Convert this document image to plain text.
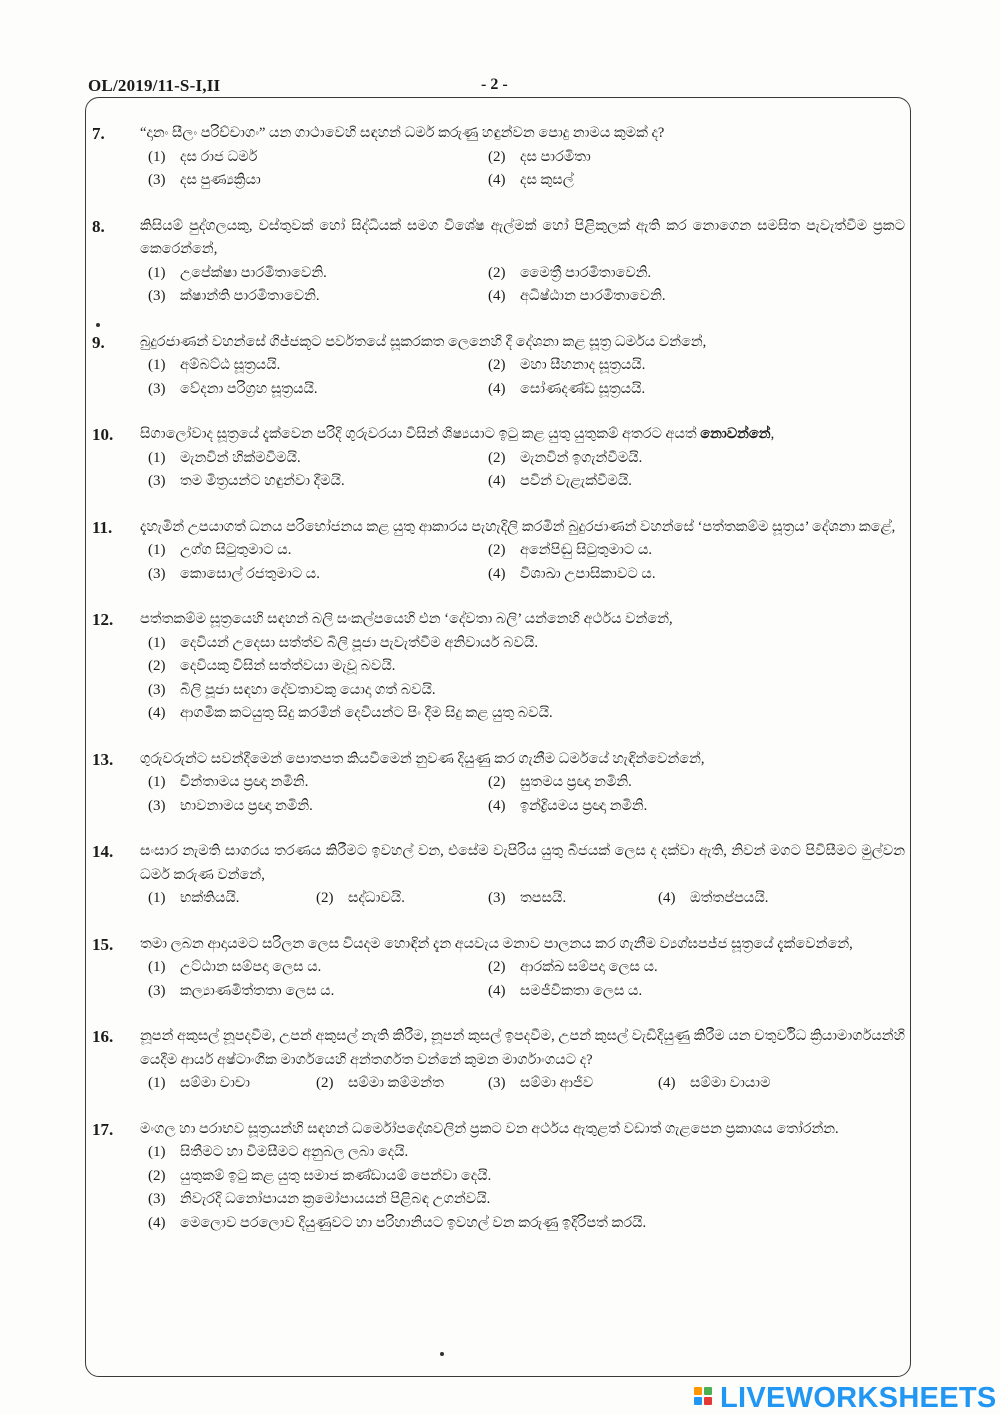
OL/2019/11-S-I,II	- 2 -
7.	“දානං සීලං පරිච්චාගං” යන ගාථාවෙහි සඳහන් ධර්ම කරුණු හඳුන්වන පොදු නාමය කුමක් ද?
(1)	දස රාජ ධර්ම	(2)	දස පාරමිතා
(3)	දස පුණ්‍යක්‍රියා	(4)	දස කුසල්
8.	කිසියම් පුද්ගලයකු, වස්තුවක් හෝ සිද්ධියක් සමග විශේෂ ඇල්මක් හෝ පිළිකුලක් ඇති කර නොගෙන සමසිත පැවැත්වීම ප්‍රකට කෙරෙන්නේ,
(1)	උපේක්ෂා පාරමිතාවෙනි.	(2)	මෛත්‍රී පාරමිතාවෙනි.
(3)	ක්ෂාන්ති පාරමිතාවෙනි.	(4)	අධිෂ්ඨාන පාරමිතාවෙනි.
9.	බුදුරජාණන් වහන්සේ ගිජ්ජකූට පර්වතයේ සූකරකත ලෙනෙහි දී දේශනා කළ සූත්‍ර ධර්මය වන්නේ,
(1)	අම්බට්ඨ සූත්‍රයයි.	(2)	මහා සීහනාද සූත්‍රයයි.
(3)	වේදනා පරිග්‍රහ සූත්‍රයයි.	(4)	සෝණදණ්ඩ සූත්‍රයයි.
10.	සිගාලෝවාද සූත්‍රයේ දැක්වෙන පරිදි ගුරුවරයා විසින් ශිෂ්‍යයාට ඉටු කළ යුතු යුතුකම් අතරට අයත් නොවන්නේ,
(1)	මැනවින් හික්මවීමයි.	(2)	මැනවින් ඉගැන්වීමයි.
(3)	තම මිත්‍රයන්ට හඳුන්වා දීමයි.	(4)	පවින් වැළැක්වීමයි.
11.	දැහැමින් උපයාගත් ධනය පරිභෝජනය කළ යුතු ආකාරය පැහැදිලි කරමින් බුදුරජාණන් වහන්සේ ‘පත්තකම්ම සූත්‍රය’ දේශනා කළේ,
(1)	උග්ග සිටුතුමාට ය.	(2)	අනේපිඬු සිටුතුමාට ය.
(3)	කොසොල් රජතුමාට ය.	(4)	විශාඛා උපාසිකාවට ය.
12.	පත්තකම්ම සූත්‍රයෙහි සඳහන් බලි සංකල්පයෙහි එන ‘දේවතා බලි’ යන්නෙහි අර්ථය වන්නේ,
(1)	දෙවියන් උදෙසා සත්ත්ව බිලි පූජා පැවැත්වීම අනිවාර්ය බවයි.
(2)	දෙවියකු විසින් සත්ත්වයා මැවූ බවයි.
(3)	බිලි පූජා සඳහා දේවතාවකු යොදා ගත් බවයි.
(4)	ආගමික කටයුතු සිදු කරමින් දෙවියන්ට පිං දීම සිදු කළ යුතු බවයි.
13.	ගුරුවරුන්ට සවන්දීමෙන් පොතපත කියවීමෙන් නුවණ දියුණු කර ගැනීම ධර්මයේ හැඳින්වෙන්නේ,
(1)	චින්තාමය ප්‍රඥා නමිනි.	(2)	සුතමය ප්‍රඥා නමිනි.
(3)	භාවනාමය ප්‍රඥා නමිනි.	(4)	ඉන්ද්‍රියමය ප්‍රඥා නමිනි.
14.	සංසාර නැමති සාගරය තරණය කිරීමට ඉවහල් වන, එසේම වැපිරිය යුතු බීජයක් ලෙස ද දක්වා ඇති, නිවන් මගට පිවිසීමට මුල්වන ධර්ම කරුණ වන්නේ,
(1)	භක්තියයි.	(2)	සද්ධාවයි.	(3)	තපසයි.	(4)	ඔත්තප්පයයි.
15.	තමා ලබන ආදායමට සරිලන ලෙස වියදම හොඳින් දැන අයවැය මනාව පාලනය කර ගැනීම ව්‍යග්ඝපජ්ජ සූත්‍රයේ දැක්වෙන්නේ,
(1)	උට්ඨාන සම්පදා ලෙස ය.	(2)	ආරක්ඛ සම්පදා ලෙස ය.
(3)	කල්‍යාණමිත්තතා ලෙස ය.	(4)	සමජීවිකතා ලෙස ය.
16.	නූපන් අකුසල් නූපදවීම, උපන් අකුසල් නැති කිරීම, නූපන් කුසල් ඉපදවීම, උපන් කුසල් වැඩිදියුණු කිරීම යන චතුර්විධ ක්‍රියාමාර්ගයන්හි යෙදීම ආර්ය අෂ්ටාංගික මාර්ගයෙහි අන්තර්ගත වන්නේ කුමන මාර්ගාංගයට ද?
(1)	සම්මා වාචා	(2)	සම්මා කම්මන්ත	(3)	සම්මා ආජීව	(4)	සම්මා වායාම
17.	මංගල හා පරාභව සූත්‍රයන්හි සඳහන් ධර්මෝපදේශවලින් ප්‍රකට වන අර්ථය ඇතුළත් වඩාත් ගැළපෙන ප්‍රකාශය තෝරන්න.
(1)	සිතීමට හා විමසීමට අනුබල ලබා දෙයි.
(2)	යුතුකම් ඉටු කළ යුතු සමාජ කණ්ඩායම් පෙන්වා දෙයි.
(3)	නිවැරදි ධනෝපායන ක්‍රමෝපායයන් පිළිබඳ උගන්වයි.
(4)	මෙලොව පරලොව දියුණුවට හා පරිහානියට ඉවහල් වන කරුණු ඉදිරිපත් කරයි.
LIVEWORKSHEETS
